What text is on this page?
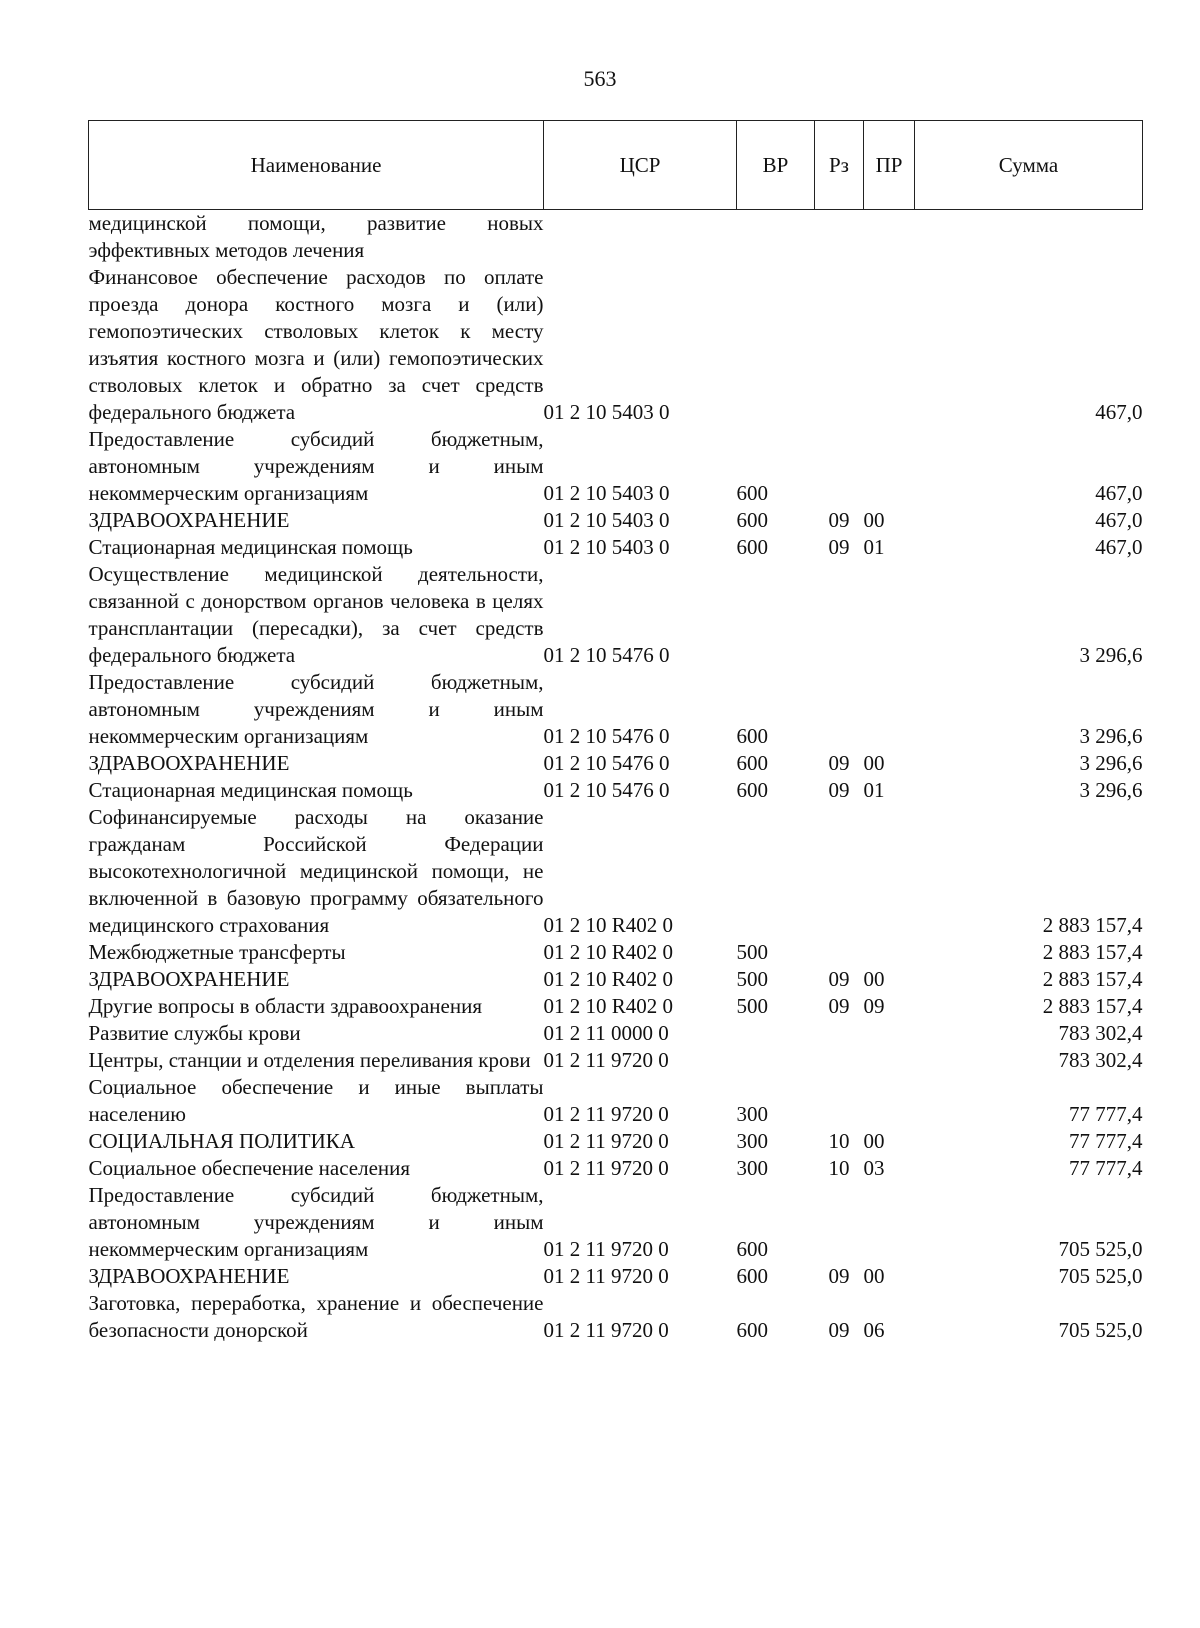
563
Наименование	ЦСР	ВР	Рз	ПР	Сумма
медицинской помощи, развитие новых эффективных методов лечения					
Финансовое обеспечение расходов по оплате проезда донора костного мозга и (или) гемопоэтических стволовых клеток к месту изъятия костного мозга и (или) гемопоэтических стволовых клеток и обратно за счет средств федерального бюджета	01 2 10 5403 0				467,0
Предоставление субсидий бюджетным, автономным учреждениям и иным некоммерческим организациям	01 2 10 5403 0	600			467,0
ЗДРАВООХРАНЕНИЕ	01 2 10 5403 0	600	09	00	467,0
Стационарная медицинская помощь	01 2 10 5403 0	600	09	01	467,0
Осуществление медицинской деятельности, связанной с донорством органов человека в целях трансплантации (пересадки), за счет средств федерального бюджета	01 2 10 5476 0				3 296,6
Предоставление субсидий бюджетным, автономным учреждениям и иным некоммерческим организациям	01 2 10 5476 0	600			3 296,6
ЗДРАВООХРАНЕНИЕ	01 2 10 5476 0	600	09	00	3 296,6
Стационарная медицинская помощь	01 2 10 5476 0	600	09	01	3 296,6
Софинансируемые расходы на оказание гражданам Российской Федерации высокотехнологичной медицинской помощи, не включенной в базовую программу обязательного медицинского страхования	01 2 10 R402 0				2 883 157,4
Межбюджетные трансферты	01 2 10 R402 0	500			2 883 157,4
ЗДРАВООХРАНЕНИЕ	01 2 10 R402 0	500	09	00	2 883 157,4
Другие вопросы в области здравоохранения	01 2 10 R402 0	500	09	09	2 883 157,4
Развитие службы крови	01 2 11 0000 0				783 302,4
Центры, станции и отделения переливания крови	01 2 11 9720 0				783 302,4
Социальное обеспечение и иные выплаты населению	01 2 11 9720 0	300			77 777,4
СОЦИАЛЬНАЯ ПОЛИТИКА	01 2 11 9720 0	300	10	00	77 777,4
Социальное обеспечение населения	01 2 11 9720 0	300	10	03	77 777,4
Предоставление субсидий бюджетным, автономным учреждениям и иным некоммерческим организациям	01 2 11 9720 0	600			705 525,0
ЗДРАВООХРАНЕНИЕ	01 2 11 9720 0	600	09	00	705 525,0
Заготовка, переработка, хранение и обеспечение безопасности донорской	01 2 11 9720 0	600	09	06	705 525,0
